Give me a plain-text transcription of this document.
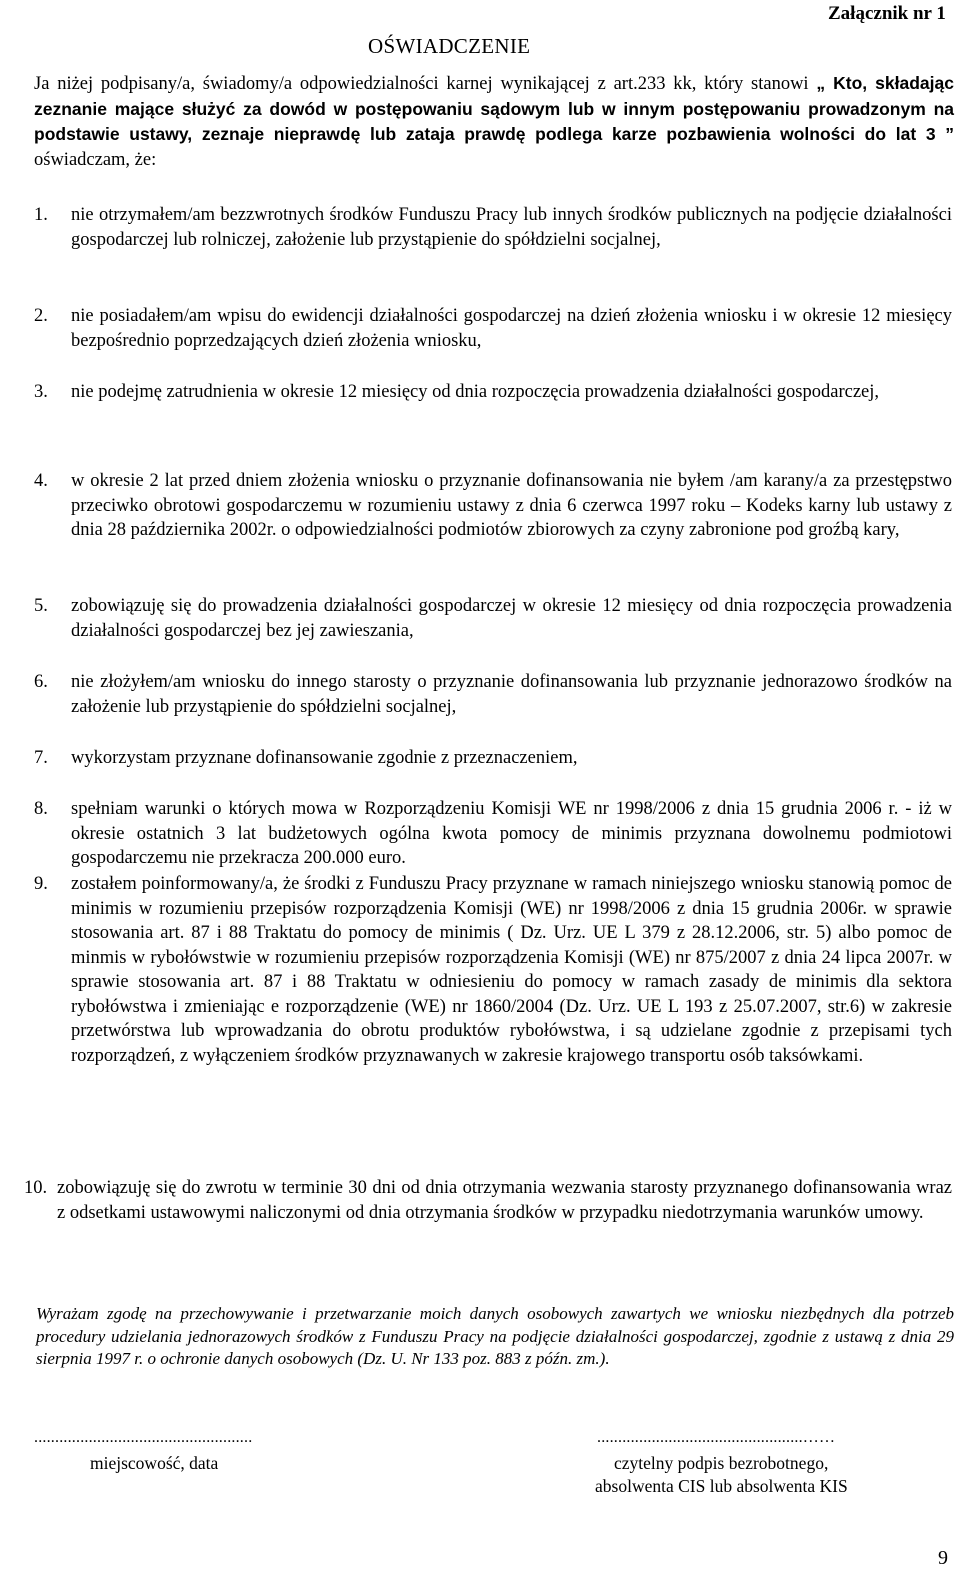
Załącznik nr 1
OŚWIADCZENIE
Ja niżej podpisany/a, świadomy/a odpowiedzialności karnej wynikającej z art.233 kk, który stanowi „ Kto, składając zeznanie mające służyć za dowód w postępowaniu sądowym lub w innym postępowaniu prowadzonym na podstawie ustawy, zeznaje nieprawdę lub zataja prawdę podlega karze pozbawienia wolności do lat 3 ” oświadczam, że:
1.	nie otrzymałem/am bezzwrotnych środków Funduszu Pracy lub innych środków publicznych na podjęcie działalności gospodarczej lub rolniczej, założenie lub przystąpienie do spółdzielni socjalnej,
2.	nie posiadałem/am wpisu do ewidencji działalności gospodarczej na dzień złożenia wniosku i w okresie 12 miesięcy bezpośrednio poprzedzających dzień złożenia wniosku,
3.	nie podejmę zatrudnienia w okresie 12 miesięcy od dnia rozpoczęcia prowadzenia działalności gospodarczej,
4.	w okresie 2 lat przed dniem złożenia wniosku o przyznanie dofinansowania nie byłem /am karany/a za przestępstwo przeciwko obrotowi gospodarczemu w rozumieniu ustawy z dnia 6 czerwca 1997 roku – Kodeks karny lub ustawy z dnia 28 października 2002r. o odpowiedzialności podmiotów zbiorowych za czyny zabronione pod groźbą kary,
5.	zobowiązuję się do prowadzenia działalności gospodarczej w okresie 12 miesięcy od dnia rozpoczęcia prowadzenia działalności gospodarczej bez jej zawieszania,
6.	nie złożyłem/am wniosku do innego starosty o przyznanie dofinansowania lub przyznanie jednorazowo środków na założenie lub przystąpienie do spółdzielni socjalnej,
7.	wykorzystam przyznane dofinansowanie zgodnie z przeznaczeniem,
8.	spełniam warunki o których mowa w Rozporządzeniu Komisji WE nr 1998/2006 z dnia 15 grudnia 2006 r. - iż w okresie ostatnich 3 lat budżetowych ogólna kwota pomocy de minimis przyznana dowolnemu podmiotowi gospodarczemu nie przekracza 200.000 euro.
9.	zostałem poinformowany/a, że środki z Funduszu Pracy przyznane w ramach niniejszego wniosku stanowią pomoc de minimis w rozumieniu przepisów rozporządzenia Komisji (WE) nr 1998/2006 z dnia 15 grudnia 2006r. w sprawie stosowania art. 87 i 88 Traktatu do pomocy de minimis ( Dz. Urz. UE L 379 z 28.12.2006, str. 5) albo pomoc de minmis w rybołówstwie w rozumieniu przepisów rozporządzenia Komisji (WE) nr 875/2007 z dnia 24 lipca 2007r. w sprawie stosowania art. 87 i 88 Traktatu w odniesieniu do pomocy w ramach zasady de minimis dla sektora rybołówstwa i zmieniając e rozporządzenie (WE) nr 1860/2004 (Dz. Urz. UE L 193 z 25.07.2007, str.6) w zakresie przetwórstwa lub wprowadzania do obrotu produktów rybołówstwa, i są udzielane zgodnie z przepisami tych rozporządzeń, z wyłączeniem środków przyznawanych w zakresie krajowego transportu osób taksówkami.
10. zobowiązuję się do zwrotu w terminie 30 dni od dnia otrzymania wezwania starosty przyznanego dofinansowania wraz z odsetkami ustawowymi naliczonymi od dnia otrzymania środków w przypadku niedotrzymania warunków umowy.
Wyrażam zgodę na przechowywanie i przetwarzanie moich danych osobowych zawartych we wniosku niezbędnych dla potrzeb procedury udzielania jednorazowych środków z Funduszu Pracy na podjęcie działalności gospodarczej, zgodnie z ustawą z dnia 29 sierpnia 1997 r. o ochronie danych osobowych (Dz. U. Nr 133 poz. 883 z późn. zm.).
....................................................
miejscowość, data
.................................................……
czytelny podpis bezrobotnego,
absolwenta CIS lub absolwenta KIS
9
